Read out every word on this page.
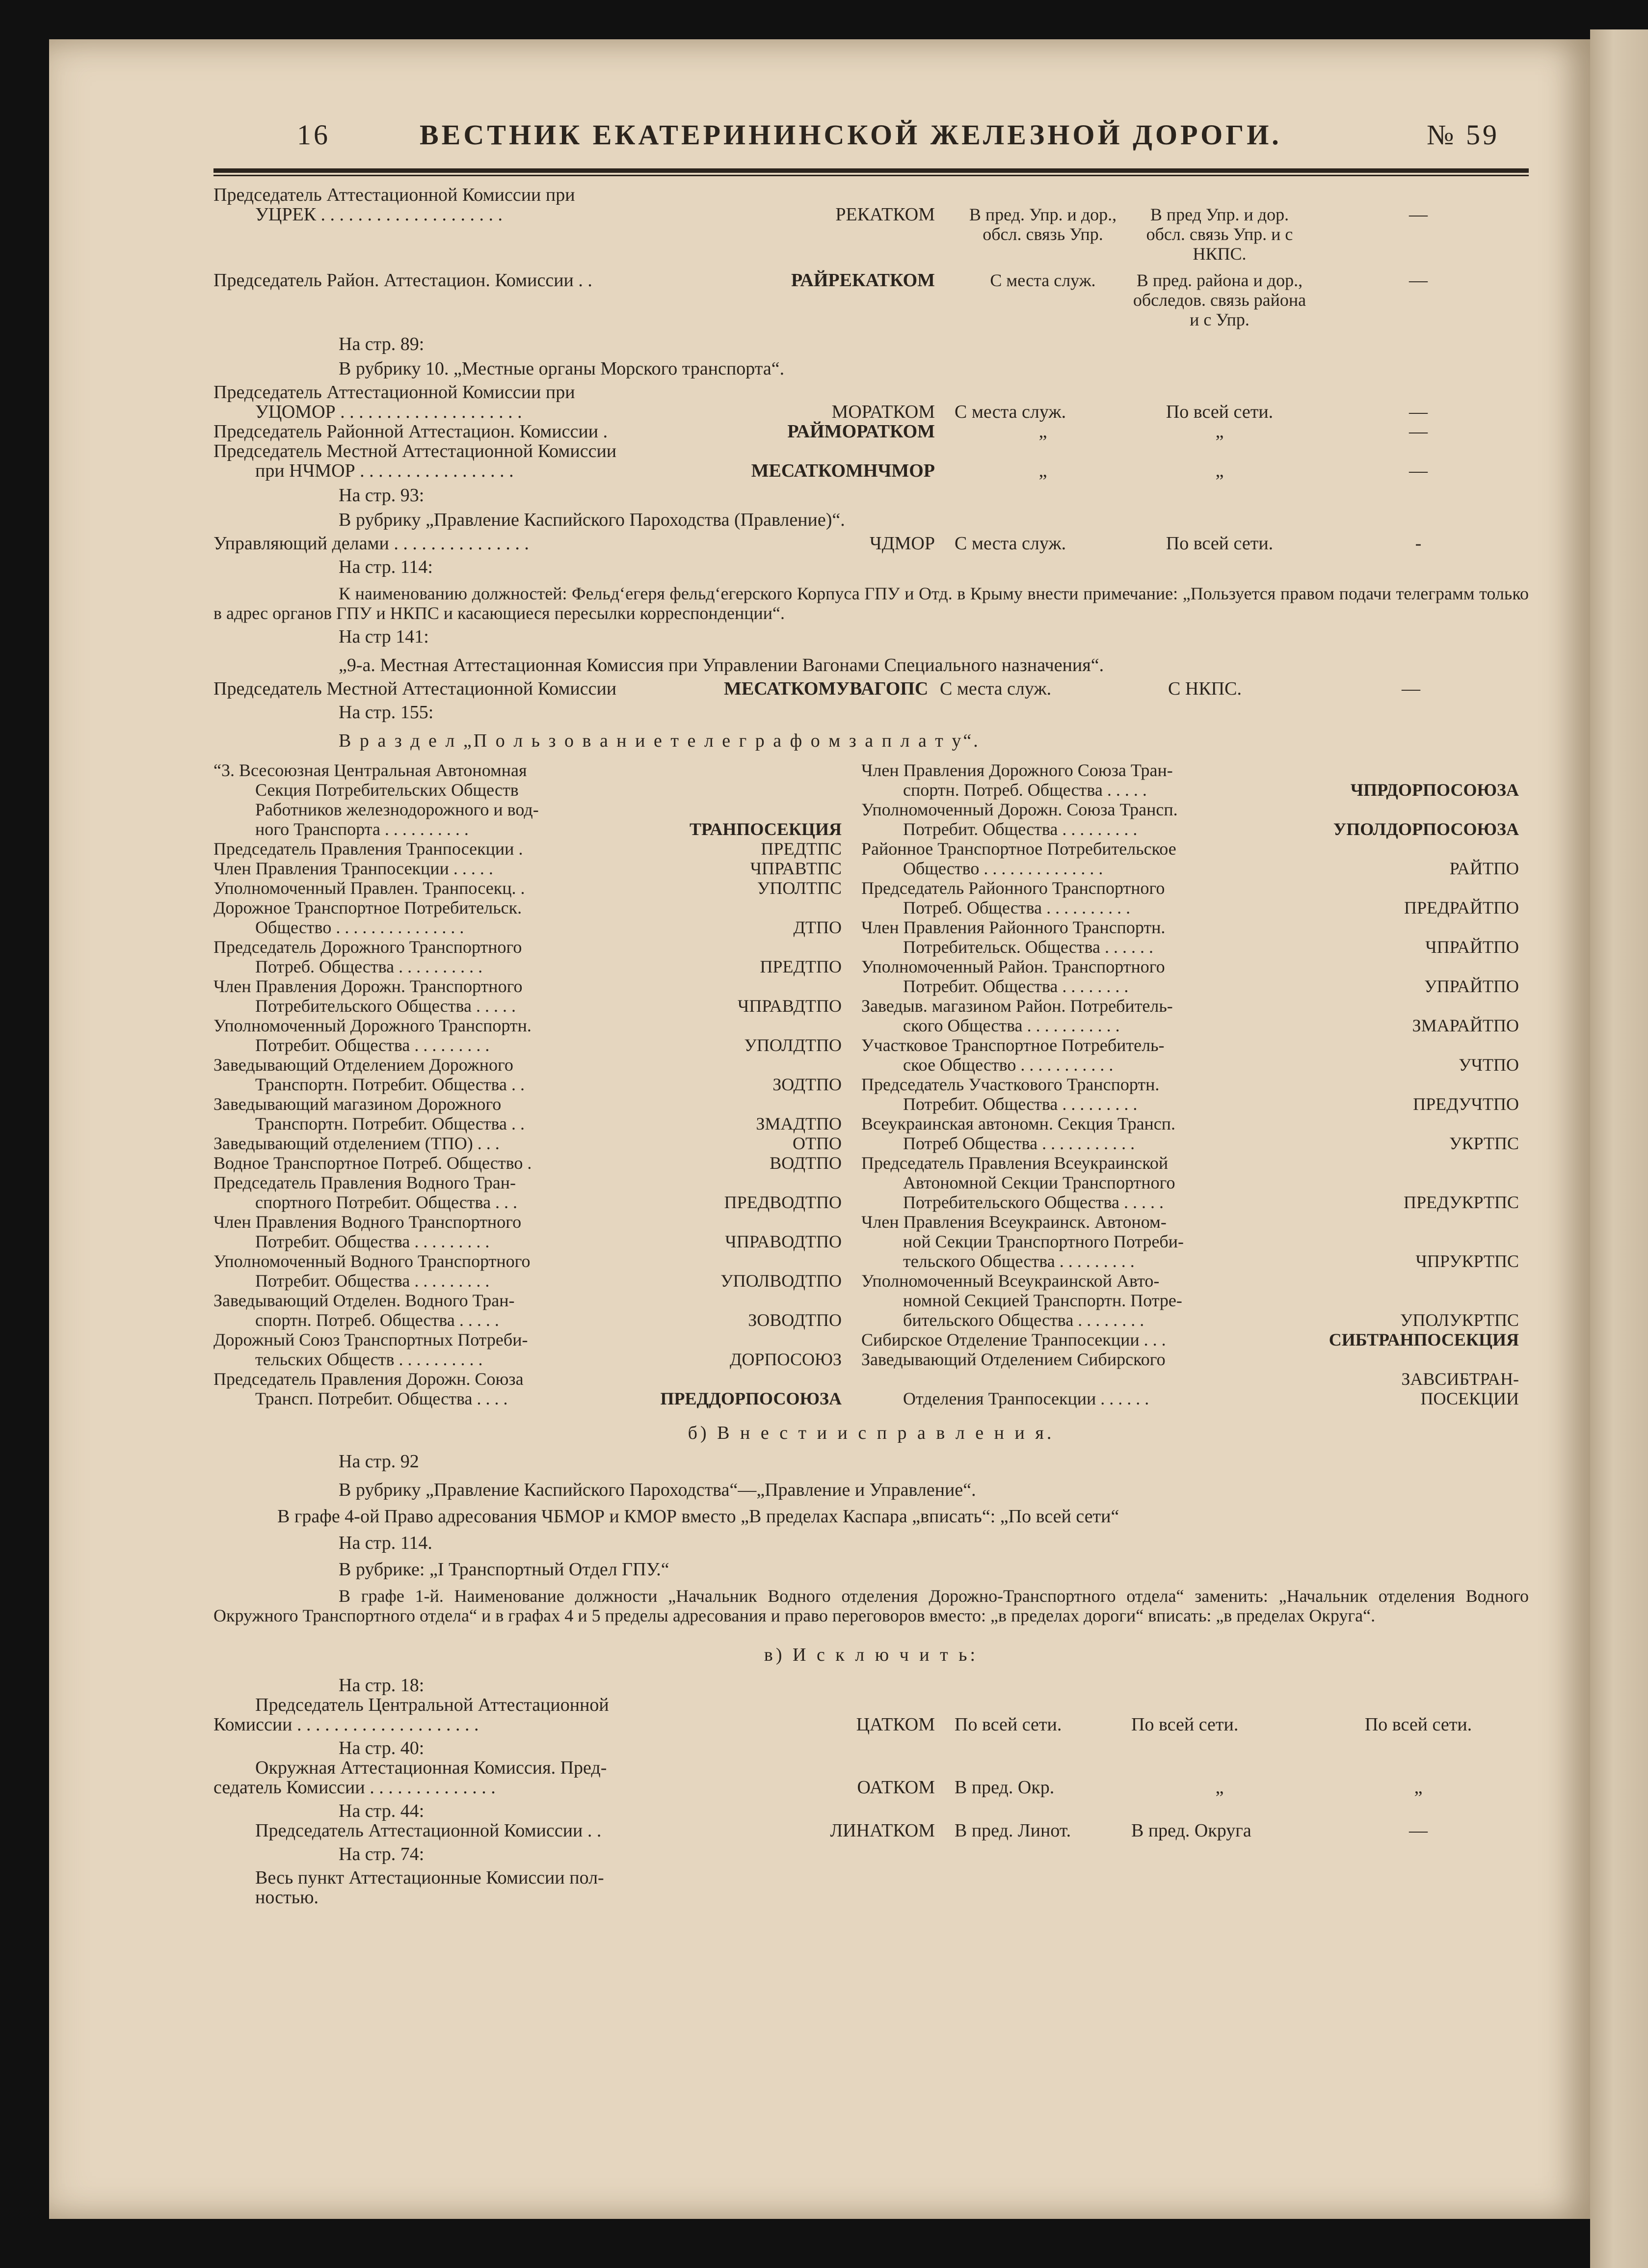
16	ВЕСТНИК ЕКАТЕРИНИНСКОЙ ЖЕЛЕЗНОЙ ДОРОГИ.	№ 59
Председатель Аттестационной Комиссии при
УЦРЕК . . . . . . . . . . . . . . . . . . . .	РЕКАТКОМ	В пред. Упр. и дор., обсл. связь Упр.	В пред Упр. и дор. обсл. связь Упр. и с НКПС.	—

Председатель Район. Аттестацион. Комиссии . .	РАЙРЕКАТКОМ	С места служ.	В пред. района и дор., обследов. связь района и с Упр.	—
На стр. 89:
В рубрику 10. „Местные органы Морского транспорта“.
Председатель Аттестационной Комиссии при
УЦОМОР . . . . . . . . . . . . . . . . . . . .	МОРАТКОМ	С места служ.	По всей сети.	—

Председатель Районной Аттестацион. Комиссии .	РАЙМОРАТКОМ	„	„	—

Председатель Местной Аттестационной Комиссии
при НЧМОР . . . . . . . . . . . . . . . . .	МЕСАТКОМНЧМОР	„	„	—
На стр. 93:
В рубрику „Правление Каспийского Пароходства (Правление)“.
Управляющий делами . . . . . . . . . . . . . . .	ЧДМОР	С места служ.	По всей сети.	-
На стр. 114:
К наименованию должностей: Фельд‘егеря фельд‘егерского Корпуса ГПУ и Отд. в Крыму внести примечание: „Пользуется правом подачи телеграмм только в адрес органов ГПУ и НКПС и касающиеся пересылки корреспонденции“.
На стр 141:
„9-а. Местная Аттестационная Комиссия при Управлении Вагонами Специального назначения“.
Председатель Местной Аттестационной Комиссии	МЕСАТКОМУВАГОПС	С места служ.	С НКПС.	—
На стр. 155:
В р а з д е л „П о л ь з о в а н и е т е л е г р а ф о м з а п л а т у“.
“3. Всесоюзная Центральная Автономная
Секция Потребительских Обществ
Работников железнодорожного и вод-
ного Транспорта . . . . . . . . . .	ТРАНПОСЕКЦИЯ
Председатель Правления Транпосекции .	ПРЕДТПС
Член Правления Транпосекции . . . . .	ЧПРАВТПС
Уполномоченный Правлен. Транпосекц. .	УПОЛТПС
Дорожное Транспортное Потребительск.
Общество . . . . . . . . . . . . . . .	ДТПО
Председатель Дорожного Транспортного
Потреб. Общества . . . . . . . . . .	ПРЕДТПО
Член Правления Дорожн. Транспортного
Потребительского Общества . . . . .	ЧПРАВДТПО
Уполномоченный Дорожного Транспортн.
Потребит. Общества . . . . . . . . .	УПОЛДТПО
Заведывающий Отделением Дорожного
Транспортн. Потребит. Общества . .	ЗОДТПО
Заведывающий магазином Дорожного
Транспортн. Потребит. Общества . .	ЗМАДТПО
Заведывающий отделением (ТПО) . . .	ОТПО
Водное Транспортное Потреб. Общество .	ВОДТПО
Председатель Правления Водного Тран-
спортного Потребит. Общества . . .	ПРЕДВОДТПО
Член Правления Водного Транспортного
Потребит. Общества . . . . . . . . .	ЧПРАВОДТПО
Уполномоченный Водного Транспортного
Потребит. Общества . . . . . . . . .	УПОЛВОДТПО
Заведывающий Отделен. Водного Тран-
спортн. Потреб. Общества . . . . .	ЗОВОДТПО
Дорожный Союз Транспортных Потреби-
тельских Обществ . . . . . . . . . .	ДОРПОСОЮЗ
Председатель Правления Дорожн. Союза
Трансп. Потребит. Общества . . . .	ПРЕДДОРПОСОЮЗА
Член Правления Дорожного Союза Тран-
спортн. Потреб. Общества . . . . .	ЧПРДОРПОСОЮЗА
Уполномоченный Дорожн. Союза Трансп.
Потребит. Общества . . . . . . . . .	УПОЛДОРПОСОЮЗА
Районное Транспортное Потребительское
Общество . . . . . . . . . . . . . .	РАЙТПО
Председатель Районного Транспортного
Потреб. Общества . . . . . . . . . .	ПРЕДРАЙТПО
Член Правления Районного Транспортн.
Потребительск. Общества . . . . . .	ЧПРАЙТПО
Уполномоченный Район. Транспортного
Потребит. Общества . . . . . . . .	УПРАЙТПО
Заведыв. магазином Район. Потребитель-
ского Общества . . . . . . . . . . .	ЗМАРАЙТПО
Участковое Транспортное Потребитель-
ское Общество . . . . . . . . . . .	УЧТПО
Председатель Участкового Транспортн.
Потребит. Общества . . . . . . . . .	ПРЕДУЧТПО
Всеукраинская автономн. Секция Трансп.
Потреб Общества . . . . . . . . . . .	УКРТПС
Председатель Правления Всеукраинской
Автономной Секции Транспортного
Потребительского Общества . . . . .	ПРЕДУКРТПС
Член Правления Всеукраинск. Автоном-
ной Секции Транспортного Потреби-
тельского Общества . . . . . . . . .	ЧПРУКРТПС
Уполномоченный Всеукраинской Авто-
номной Секцией Транспортн. Потре-
бительского Общества . . . . . . . .	УПОЛУКРТПС
Сибирское Отделение Транпосекции . . .	СИБТРАНПОСЕКЦИЯ
Заведывающий Отделением Сибирского
Отделения Транпосекции . . . . . .
ЗАВСИБТРАН-
ПОСЕКЦИИ
б) В н е с т и и с п р а в л е н и я.
На стр. 92
В рубрику „Правление Каспийского Пароходства“—„Правление и Управление“.
В графе 4-ой Право адресования ЧБМОР и КМОР вместо „В пределах Каспара „вписать“: „По всей сети“
На стр. 114.
В рубрике: „I Транспортный Отдел ГПУ.“
В графе 1-й. Наименование должности „Начальник Водного отделения Дорожно-Транспортного отдела“ заменить: „Начальник отделения Водного Окружного Транспортного отдела“ и в графах 4 и 5 пределы адресования и право переговоров вместо: „в пределах дороги“ вписать: „в пределах Округа“.
в) И с к л ю ч и т ь:
На стр. 18:				

Председатель Центральной Аттестационной
Комиссии . . . . . . . . . . . . . . . . . . . .	ЦАТКОМ	По всей сети.	По всей сети.	По всей сети.

На стр. 40:				

Окружная Аттестационная Комиссия. Пред-
седатель Комиссии . . . . . . . . . . . . . .	ОАТКОМ	В пред. Окр.	„	„

На стр. 44:				

Председатель Аттестационной Комиссии . .	ЛИНАТКОМ	В пред. Линот.	В пред. Округа	—
На стр. 74:
Весь пункт Аттестационные Комиссии пол-
ностью.
